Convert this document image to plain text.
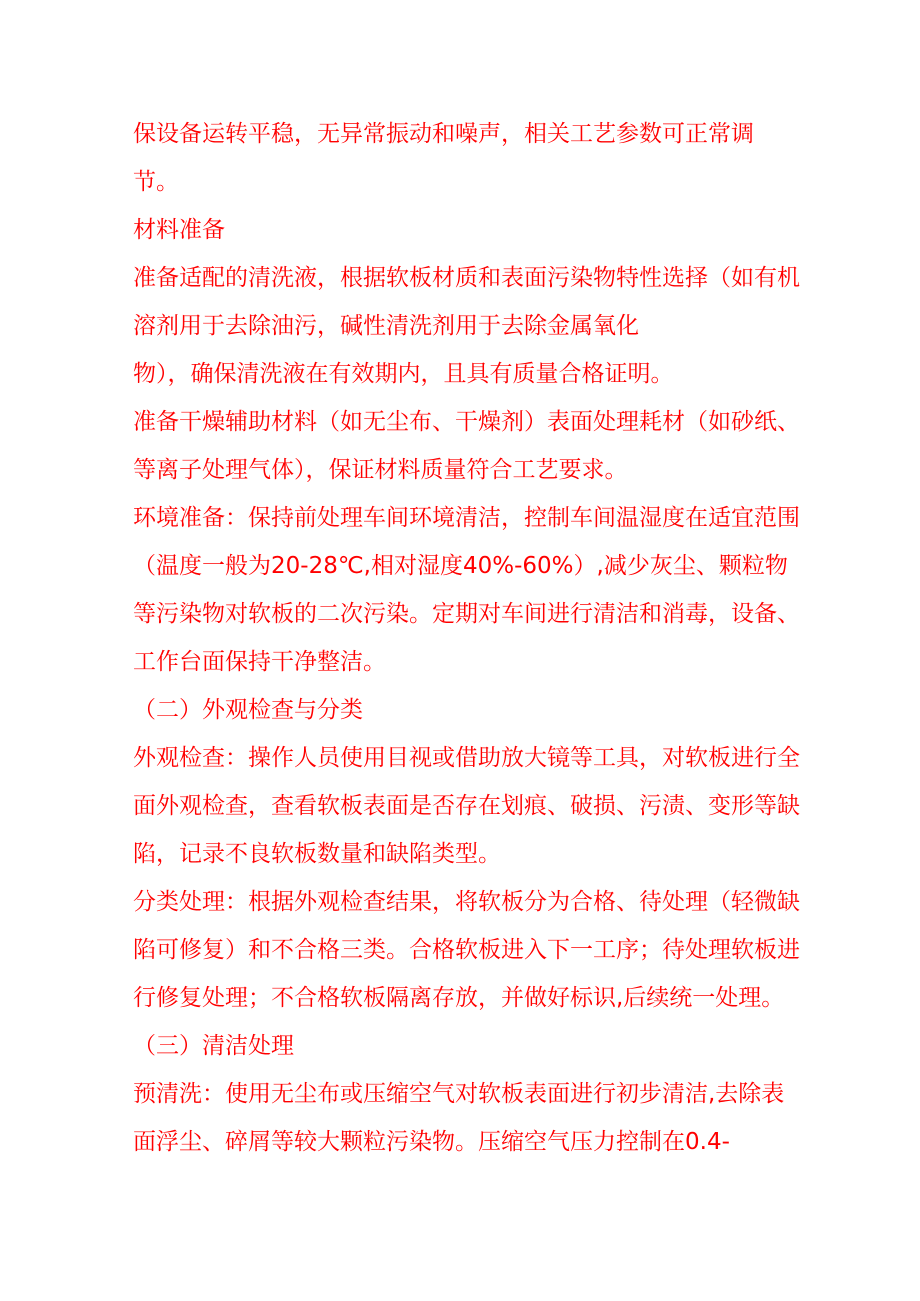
保设备运转平稳，无异常振动和噪声，相关工艺参数可正常调
节。
材料准备
准备适配的清洗液，根据软板材质和表面污染物特性选择（如有机
溶剂用于去除油污，碱性清洗剂用于去除金属氧化
物），确保清洗液在有效期内，且具有质量合格证明。
准备干燥辅助材料（如无尘布、干燥剂）表面处理耗材（如砂纸、
等离子处理气体），保证材料质量符合工艺要求。
环境准备：保持前处理车间环境清洁，控制车间温湿度在适宜范围
（温度一般为20-28℃,相对湿度40%-60%）,减少灰尘、颗粒物
等污染物对软板的二次污染。定期对车间进行清洁和消毒，设备、
工作台面保持干净整洁。
（二）外观检查与分类
外观检查：操作人员使用目视或借助放大镜等工具，对软板进行全
面外观检查，查看软板表面是否存在划痕、破损、污渍、变形等缺
陷，记录不良软板数量和缺陷类型。
分类处理：根据外观检查结果，将软板分为合格、待处理（轻微缺
陷可修复）和不合格三类。合格软板进入下一工序；待处理软板进
行修复处理；不合格软板隔离存放，并做好标识,后续统一处理。
（三）清洁处理
预清洗：使用无尘布或压缩空气对软板表面进行初步清洁,去除表
面浮尘、碎屑等较大颗粒污染物。压缩空气压力控制在0.4-
